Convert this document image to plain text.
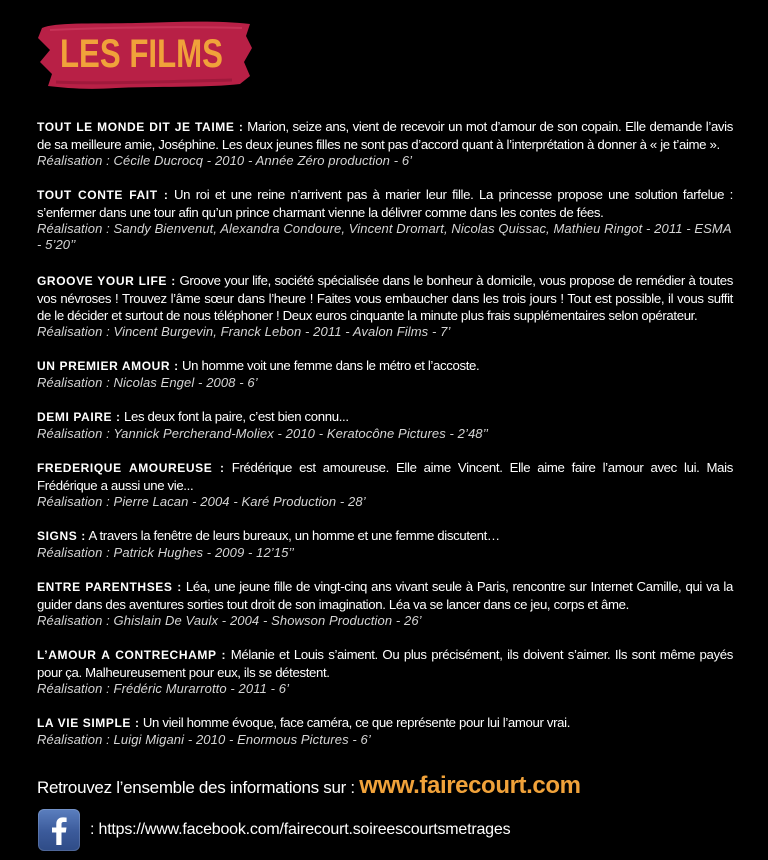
LES FILMS
TOUT LE MONDE DIT JE TAIME : Marion, seize ans, vient de recevoir un mot d’amour de son copain. Elle demande l’avis de sa meilleure amie, Joséphine. Les deux jeunes filles ne sont pas d’accord quant à l’interprétation à donner à « je t’aime ».
Réalisation : Cécile Ducrocq - 2010 - Année Zéro production - 6’
TOUT CONTE FAIT : Un roi et une reine n’arrivent pas à marier leur fille. La princesse propose une solution farfelue : s’enfermer dans une tour afin qu’un prince charmant vienne la délivrer comme dans les contes de fées.
Réalisation : Sandy Bienvenut, Alexandra Condoure, Vincent Dromart, Nicolas Quissac, Mathieu Ringot - 2011 - ESMA - 5’20’’
GROOVE YOUR LIFE : Groove your life, société spécialisée dans le bonheur à domicile, vous propose de remédier à toutes vos névroses ! Trouvez l’âme sœur dans l’heure ! Faites vous embaucher dans les trois jours ! Tout est possible, il vous suffit de le décider et surtout de nous téléphoner ! Deux euros cinquante la minute plus frais supplémentaires selon opérateur.
Réalisation : Vincent Burgevin, Franck Lebon - 2011 - Avalon Films - 7’
UN PREMIER AMOUR : Un homme voit une femme dans le métro et l’accoste.
Réalisation : Nicolas Engel - 2008 - 6’
DEMI PAIRE : Les deux font la paire, c’est bien connu...
Réalisation : Yannick Percherand-Moliex - 2010 - Keratocône Pictures - 2’48’’
FREDERIQUE AMOUREUSE : Frédérique est amoureuse. Elle aime Vincent. Elle aime faire l’amour avec lui. Mais Frédérique a aussi une vie...
Réalisation : Pierre Lacan - 2004 - Karé Production - 28’
SIGNS : A travers la fenêtre de leurs bureaux, un homme et une femme discutent…
Réalisation : Patrick Hughes - 2009 - 12’15’’
ENTRE PARENTHSES : Léa, une jeune fille de vingt-cinq ans vivant seule à Paris, rencontre sur Internet Camille, qui va la guider dans des aventures sorties tout droit de son imagination. Léa va se lancer dans ce jeu, corps et âme.
Réalisation : Ghislain De Vaulx - 2004 - Showson Production - 26’
L’AMOUR A CONTRECHAMP : Mélanie et Louis s’aiment. Ou plus précisément, ils doivent s’aimer. Ils sont même payés pour ça. Malheureusement pour eux, ils se détestent.
Réalisation : Frédéric Murarrotto - 2011 - 6’
LA VIE SIMPLE : Un vieil homme évoque, face caméra, ce que représente pour lui l’amour vrai.
Réalisation : Luigi Migani - 2010 - Enormous Pictures - 6’
Retrouvez l’ensemble des informations sur : www.fairecourt.com
: https://www.facebook.com/fairecourt.soireescourtsmetrages
